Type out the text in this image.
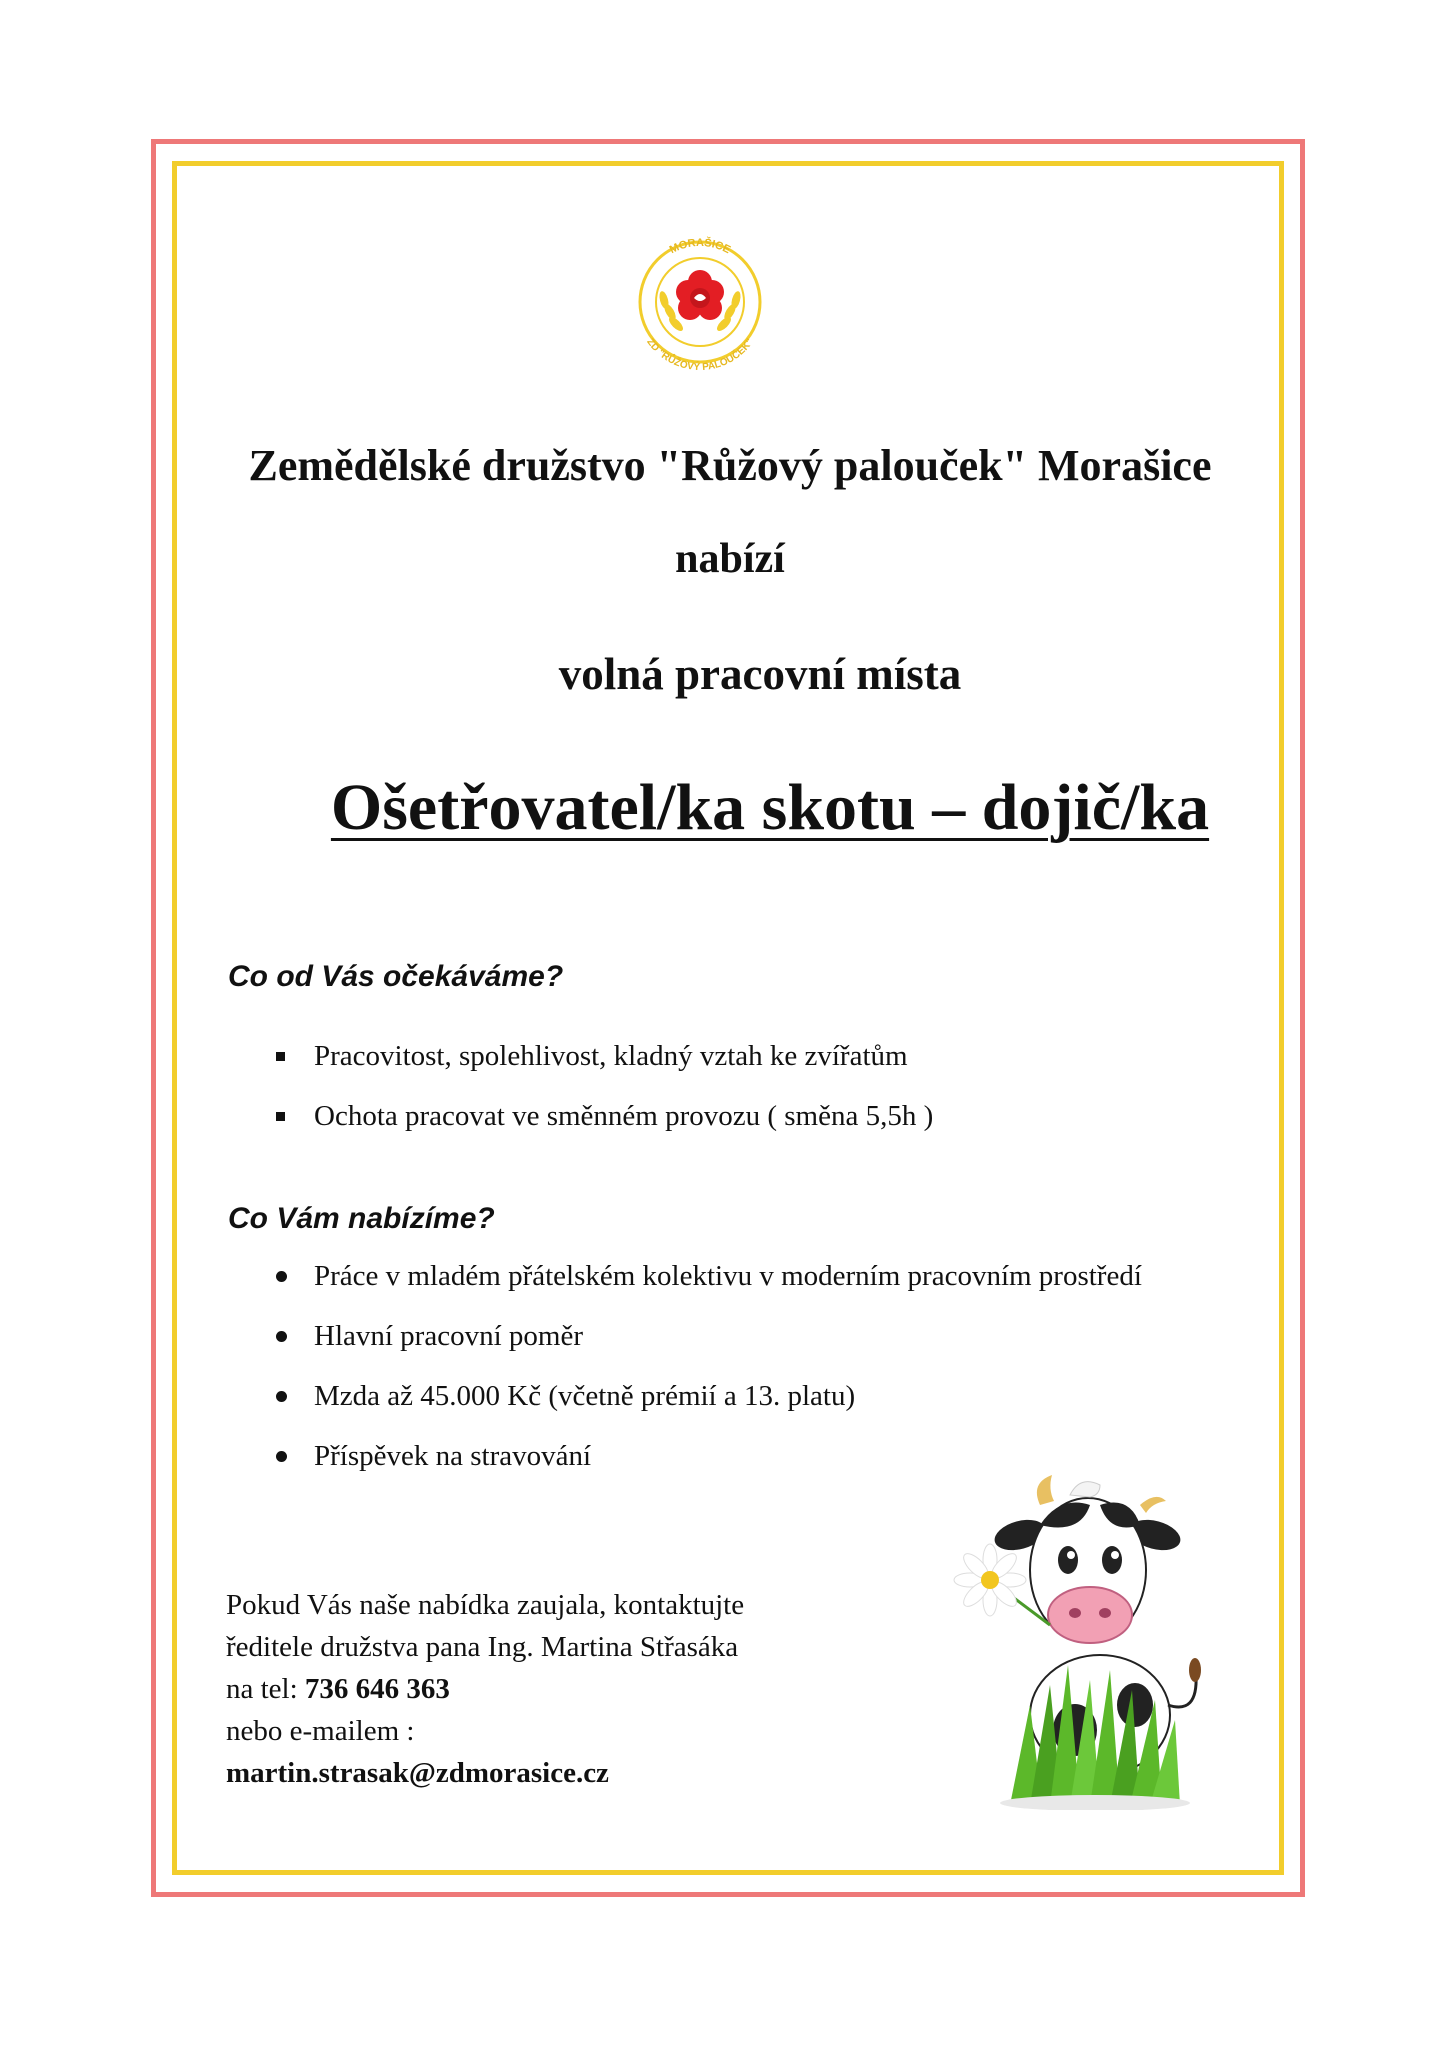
MORAŠICE
ZD "RŮŽOVÝ PALOUČEK"
Zemědělské družstvo "Růžový palouček" Morašice
nabízí
volná pracovní místa
Ošetřovatel/ka skotu – dojič/ka
Co od Vás očekáváme?
Pracovitost, spolehlivost, kladný vztah ke zvířatům
Ochota pracovat ve směnném provozu ( směna 5,5h )
Co Vám nabízíme?
Práce v mladém přátelském kolektivu v moderním pracovním prostředí
Hlavní pracovní poměr
Mzda až 45.000 Kč (včetně prémií a 13. platu)
Příspěvek na stravování
Pokud Vás naše nabídka zaujala, kontaktujte
ředitele družstva pana Ing. Martina Střasáka
na tel: 736 646 363
nebo e-mailem :
martin.strasak@zdmorasice.cz
